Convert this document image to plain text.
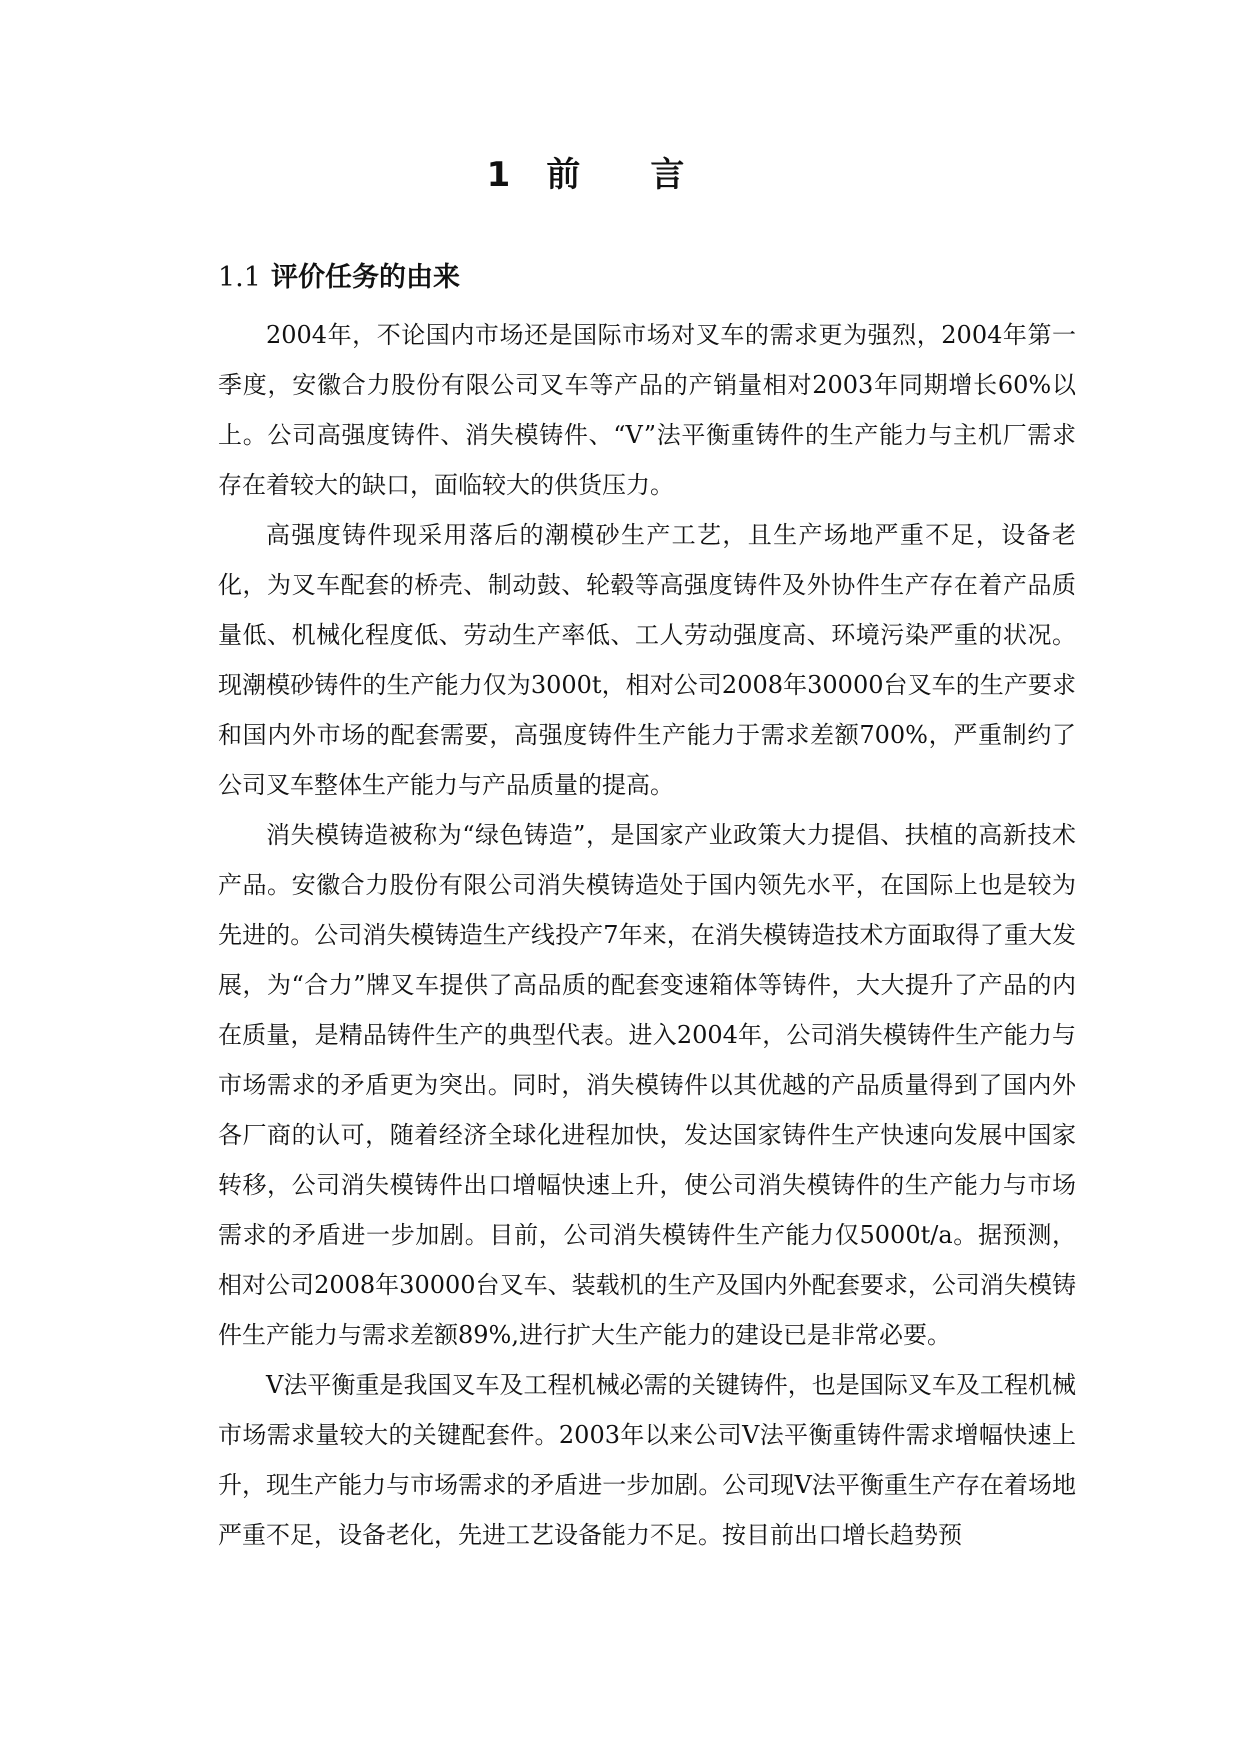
1 前言
1.1 评价任务的由来

2004年，不论国内市场还是国际市场对叉车的需求更为强烈，2004年第一季度，安徽合力股份有限公司叉车等产品的产销量相对2003年同期增长60%以上。公司高强度铸件、消失模铸件、“V”法平衡重铸件的生产能力与主机厂需求存在着较大的缺口，面临较大的供货压力。

高强度铸件现采用落后的潮模砂生产工艺，且生产场地严重不足，设备老化，为叉车配套的桥壳、制动鼓、轮毂等高强度铸件及外协件生产存在着产品质量低、机械化程度低、劳动生产率低、工人劳动强度高、环境污染严重的状况。现潮模砂铸件的生产能力仅为3000t，相对公司2008年30000台叉车的生产要求和国内外市场的配套需要，高强度铸件生产能力于需求差额700%，严重制约了公司叉车整体生产能力与产品质量的提高。

消失模铸造被称为“绿色铸造”，是国家产业政策大力提倡、扶植的高新技术产品。安徽合力股份有限公司消失模铸造处于国内领先水平，在国际上也是较为先进的。公司消失模铸造生产线投产7年来，在消失模铸造技术方面取得了重大发展，为“合力”牌叉车提供了高品质的配套变速箱体等铸件，大大提升了产品的内在质量，是精品铸件生产的典型代表。进入2004年，公司消失模铸件生产能力与市场需求的矛盾更为突出。同时，消失模铸件以其优越的产品质量得到了国内外各厂商的认可，随着经济全球化进程加快，发达国家铸件生产快速向发展中国家转移，公司消失模铸件出口增幅快速上升，使公司消失模铸件的生产能力与市场需求的矛盾进一步加剧。目前，公司消失模铸件生产能力仅5000t/a。据预测，相对公司2008年30000台叉车、装载机的生产及国内外配套要求，公司消失模铸件生产能力与需求差额89%,进行扩大生产能力的建设已是非常必要。

V法平衡重是我国叉车及工程机械必需的关键铸件，也是国际叉车及工程机械市场需求量较大的关键配套件。2003年以来公司V法平衡重铸件需求增幅快速上升，现生产能力与市场需求的矛盾进一步加剧。公司现V法平衡重生产存在着场地严重不足，设备老化，先进工艺设备能力不足。按目前出口增长趋势预
